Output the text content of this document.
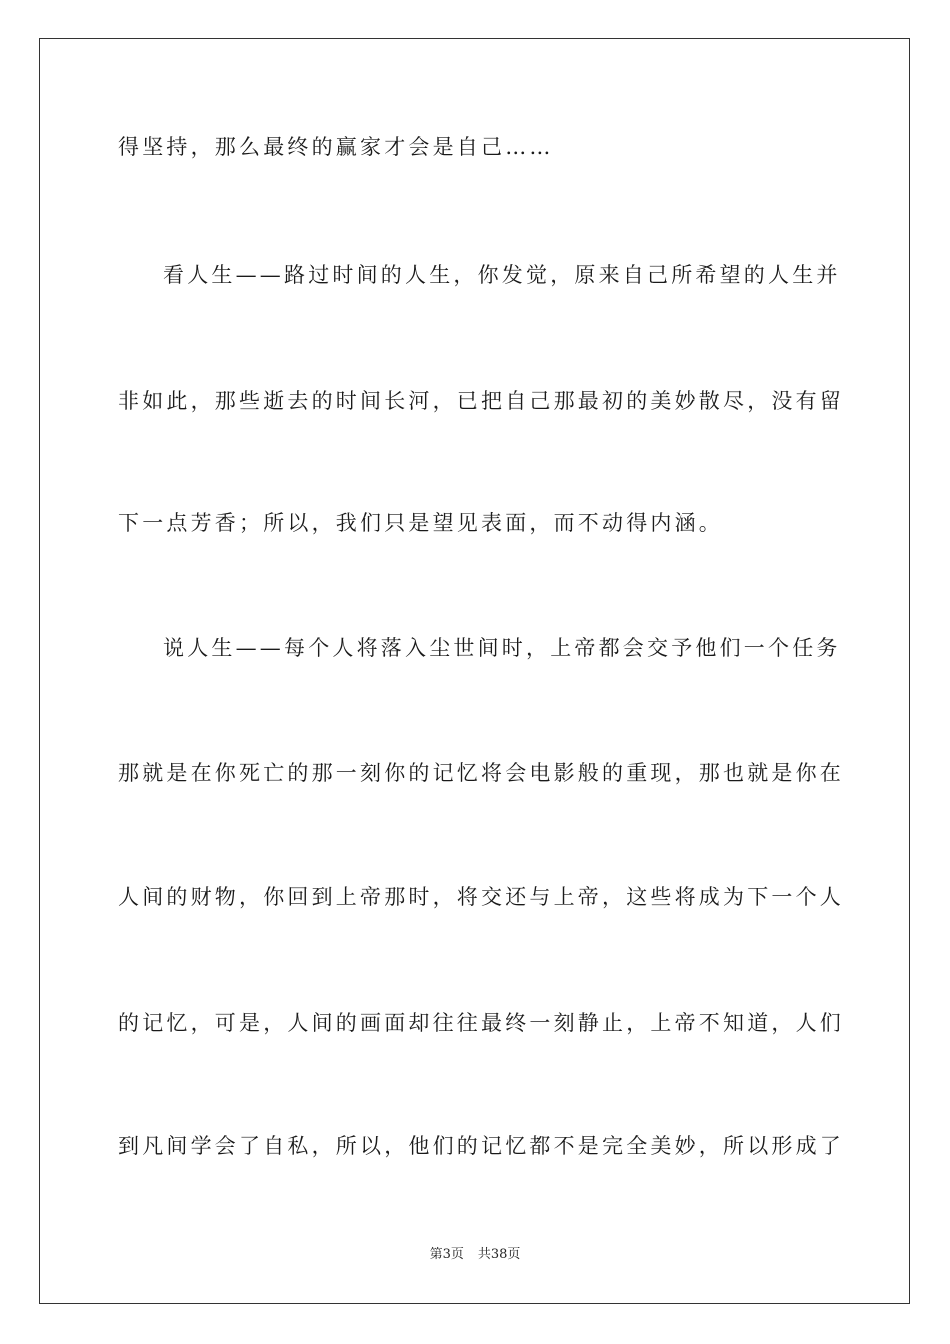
得坚持，那么最终的赢家才会是自己……
看人生——路过时间的人生，你发觉，原来自己所希望的人生并
非如此，那些逝去的时间长河，已把自己那最初的美妙散尽，没有留
下一点芳香；所以，我们只是望见表面，而不动得内涵。
说人生——每个人将落入尘世间时，上帝都会交予他们一个任务
那就是在你死亡的那一刻你的记忆将会电影般的重现，那也就是你在
人间的财物，你回到上帝那时，将交还与上帝，这些将成为下一个人
的记忆，可是，人间的画面却往往最终一刻静止，上帝不知道，人们
到凡间学会了自私，所以，他们的记忆都不是完全美妙，所以形成了
第3页 共38页
